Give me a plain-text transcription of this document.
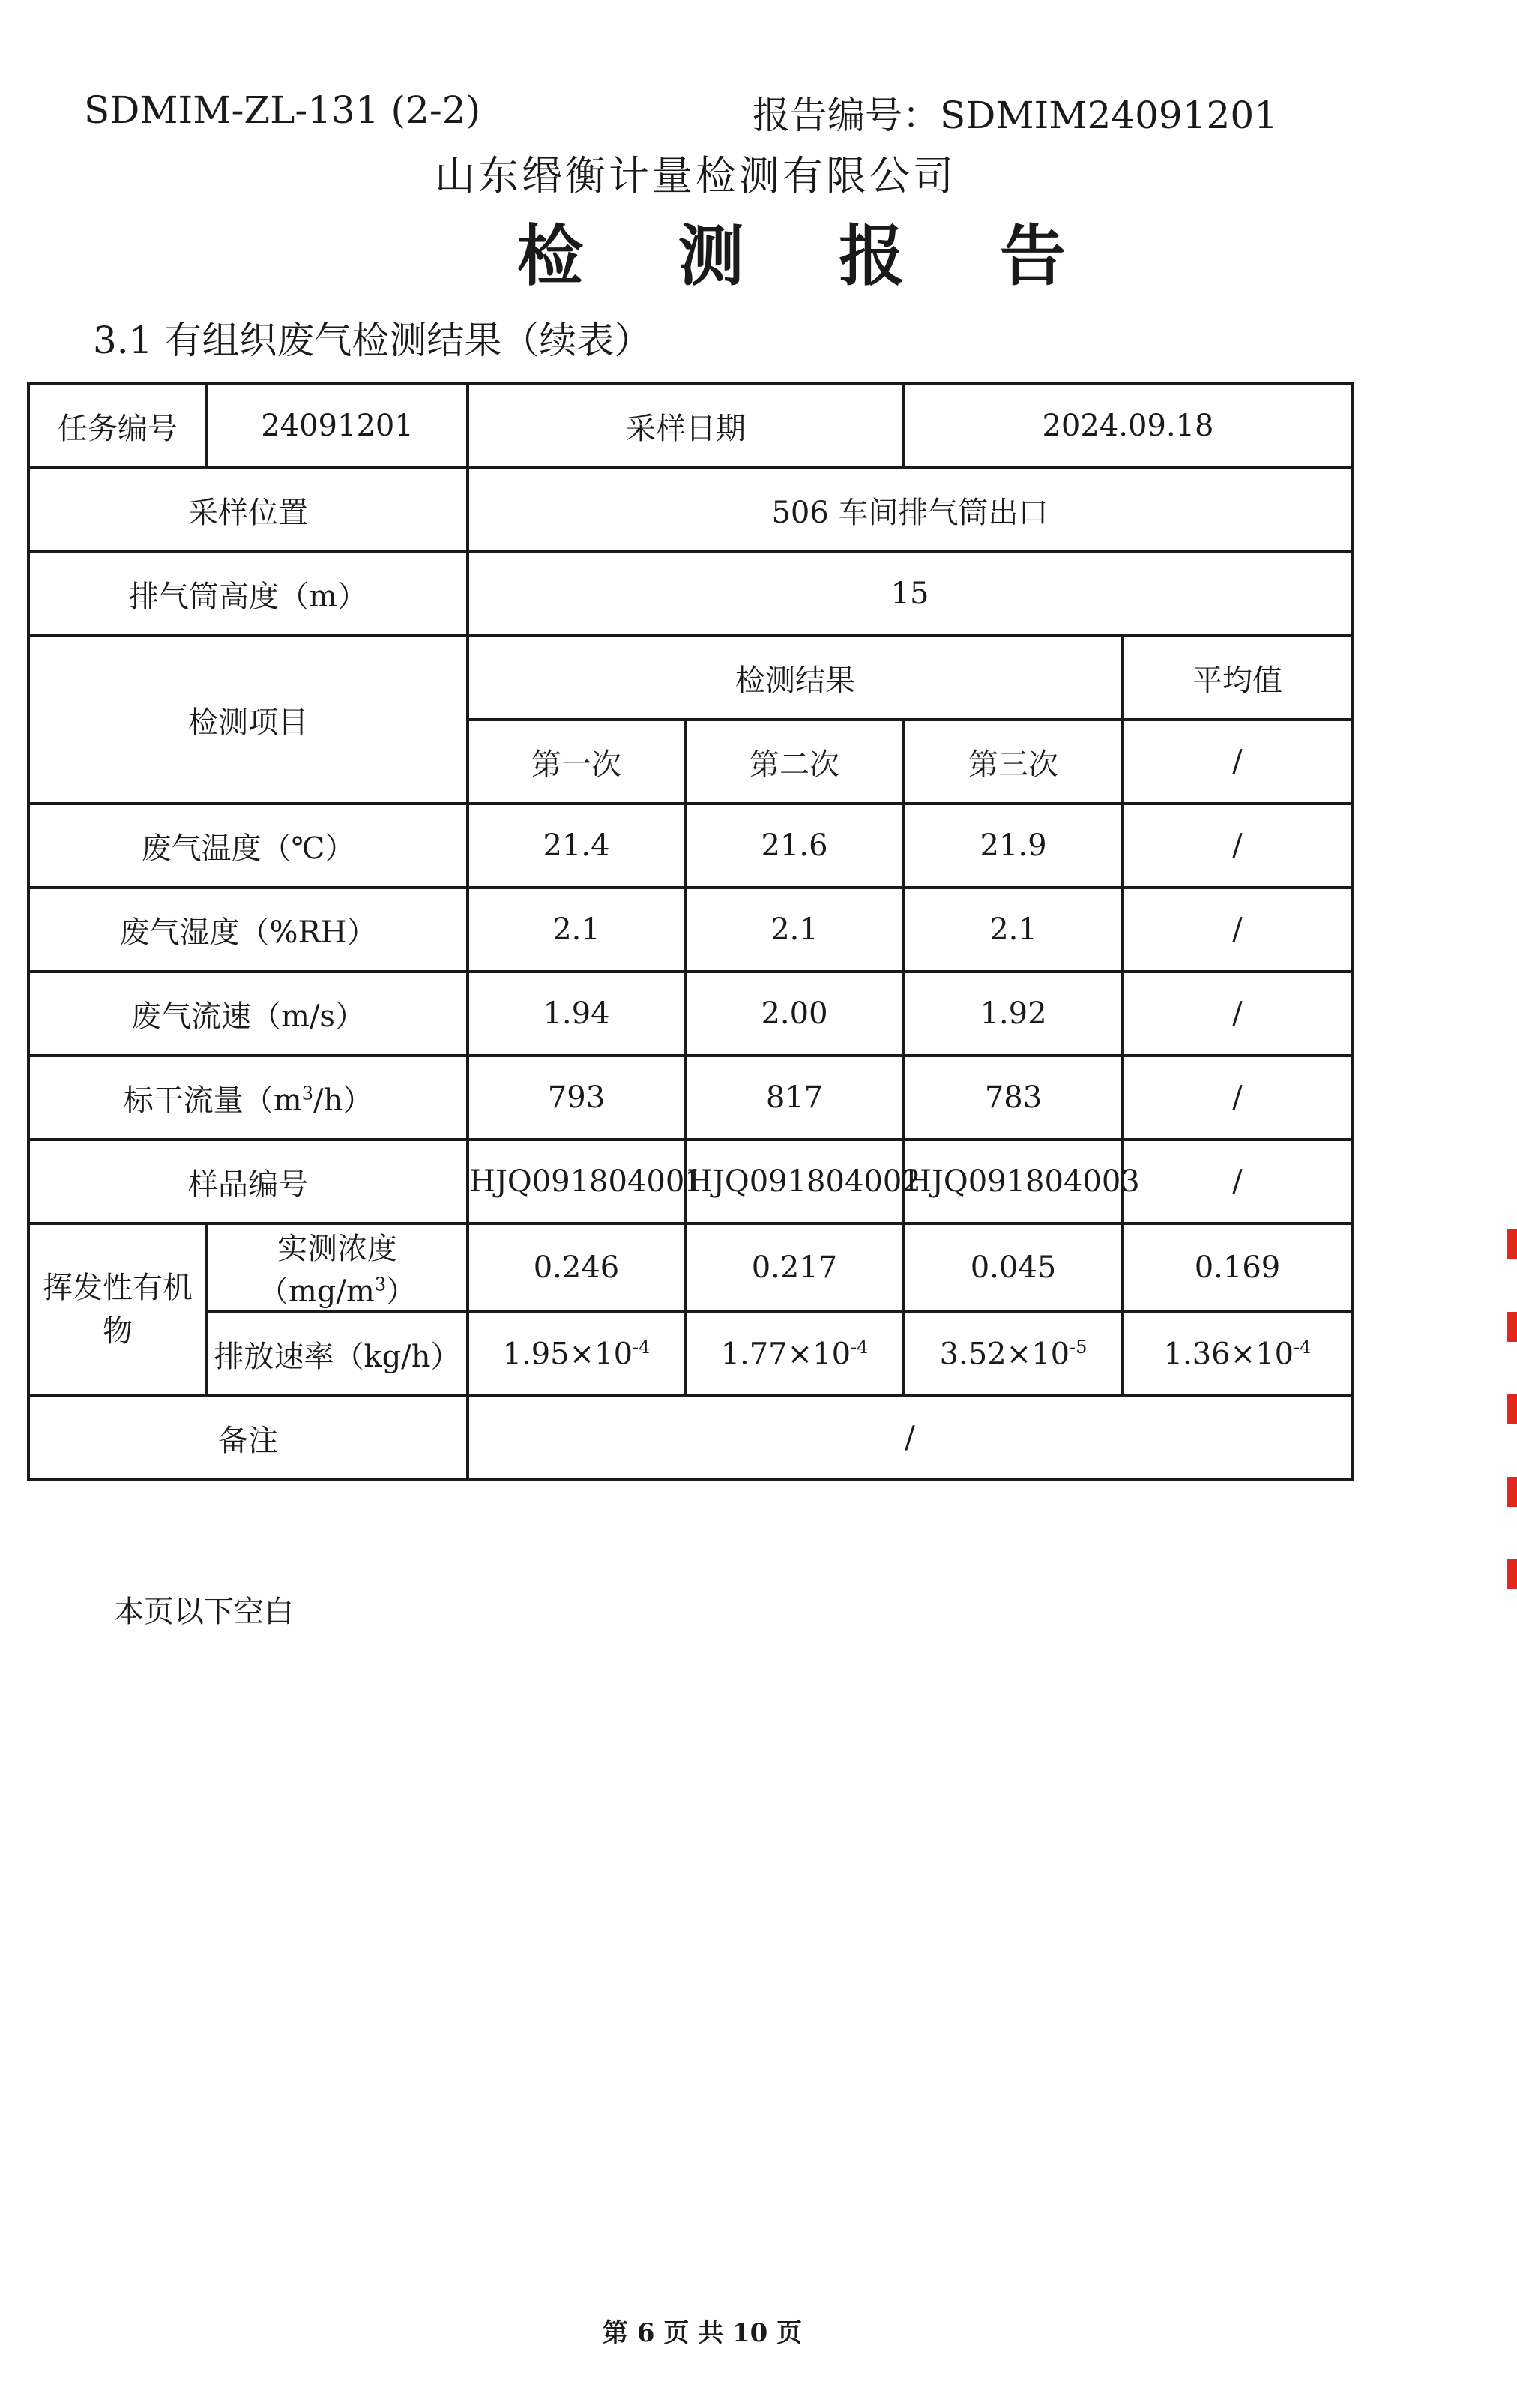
SDMIM-ZL-131 (2-2)	报告编号：SDMIM24091201
山东缗衡计量检测有限公司
检 测 报 告
3.1 有组织废气检测结果（续表）
任务编号	24091201	采样日期		2024.09.18	
采样位置		506 车间排气筒出口			
排气筒高度（m）		15			
检测项目		检测结果			平均值
		第一次	第二次	第三次	/
废气温度（℃）		21.4	21.6	21.9	/
废气湿度（%RH）		2.1	2.1	2.1	/
废气流速（m/s）		1.94	2.00	1.92	/
标干流量$(m^3/h)$		793	817	783	/
样品编号		HJQ091804001	HJQ091804002	HJQ091804003	/
挥发性有机物	实测浓度$(mg/m^3)$	0.246	0.217	0.045	0.169
	排放速率（kg/h）	$1.95\times 10^{-4}$	$1.77\times 10^{-4}$	$3.52\times 10^{-5}$	$1.36\times 10^{-4}$
备注		/			
本页以下空白
第 6 页 共 10 页
